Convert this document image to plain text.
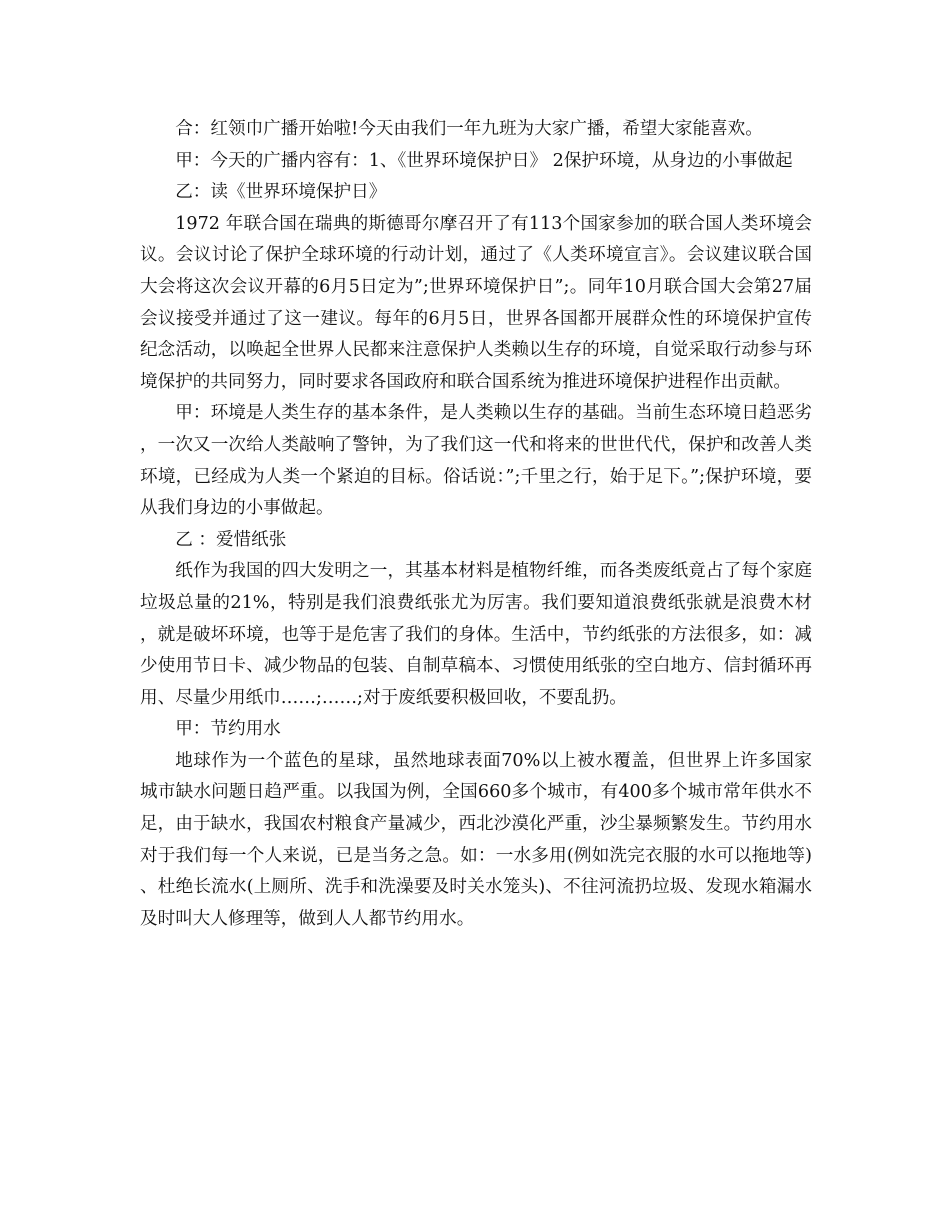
合：红领巾广播开始啦!今天由我们一年九班为大家广播，希望大家能喜欢。

甲：今天的广播内容有：1、《世界环境保护日》 2保护环境，从身边的小事做起

乙：读《世界环境保护日》

1972 年联合国在瑞典的斯德哥尔摩召开了有113个国家参加的联合国人类环境会议。会议讨论了保护全球环境的行动计划，通过了《人类环境宣言》。会议建议联合国大会将这次会议开幕的6月5日定为”;世界环境保护日”;。同年10月联合国大会第27届会议接受并通过了这一建议。每年的6月5日，世界各国都开展群众性的环境保护宣传纪念活动，以唤起全世界人民都来注意保护人类赖以生存的环境，自觉采取行动参与环境保护的共同努力，同时要求各国政府和联合国系统为推进环境保护进程作出贡献。

甲：环境是人类生存的基本条件，是人类赖以生存的基础。当前生态环境日趋恶劣，一次又一次给人类敲响了警钟，为了我们这一代和将来的世世代代，保护和改善人类环境，已经成为人类一个紧迫的目标。俗话说：”;千里之行，始于足下。”;保护环境，要从我们身边的小事做起。

乙 ：爱惜纸张

纸作为我国的四大发明之一，其基本材料是植物纤维，而各类废纸竟占了每个家庭垃圾总量的21%，特别是我们浪费纸张尤为厉害。我们要知道浪费纸张就是浪费木材，就是破坏环境，也等于是危害了我们的身体。生活中，节约纸张的方法很多，如：减少使用节日卡、减少物品的包装、自制草稿本、习惯使用纸张的空白地方、信封循环再用、尽量少用纸巾……;……;对于废纸要积极回收，不要乱扔。

甲：节约用水

地球作为一个蓝色的星球，虽然地球表面70%以上被水覆盖，但世界上许多国家城市缺水问题日趋严重。以我国为例，全国660多个城市，有400多个城市常年供水不足，由于缺水，我国农村粮食产量减少，西北沙漠化严重，沙尘暴频繁发生。节约用水对于我们每一个人来说，已是当务之急。如：一水多用(例如洗完衣服的水可以拖地等)、杜绝长流水(上厕所、洗手和洗澡要及时关水笼头)、不往河流扔垃圾、发现水箱漏水及时叫大人修理等，做到人人都节约用水。
